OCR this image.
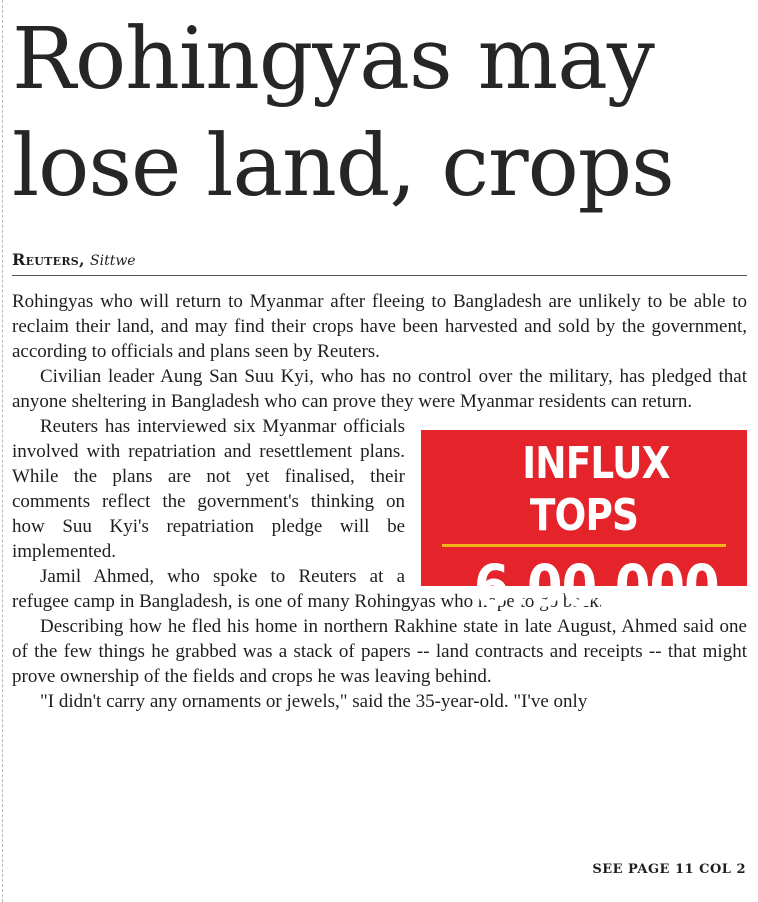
Rohingyas may lose land, crops
Reuters, Sittwe

Rohingyas who will return to Myanmar after fleeing to Bangladesh are unlikely to be able to reclaim their land, and may find their crops have been harvested and sold by the government, according to officials and plans seen by Reuters.

Civilian leader Aung San Suu Kyi, who has no control over the military, has pledged that anyone sheltering in Bangladesh who can prove they were Myanmar residents can return.

INFLUX TOPS
6,00,000
Reuters has interviewed six Myanmar officials involved with repatriation and resettlement plans. While the plans are not yet finalised, their comments reflect the government's thinking on how Suu Kyi's repatriation pledge will be implemented.

Jamil Ahmed, who spoke to Reuters at a refugee camp in Bangladesh, is one of many Rohingyas who hope to go back.

Describing how he fled his home in northern Rakhine state in late August, Ahmed said one of the few things he grabbed was a stack of papers -- land contracts and receipts -- that might prove ownership of the fields and crops he was leaving behind.

"I didn't carry any ornaments or jewels," said the 35-year-old. "I've only

SEE PAGE 11 COL 2
